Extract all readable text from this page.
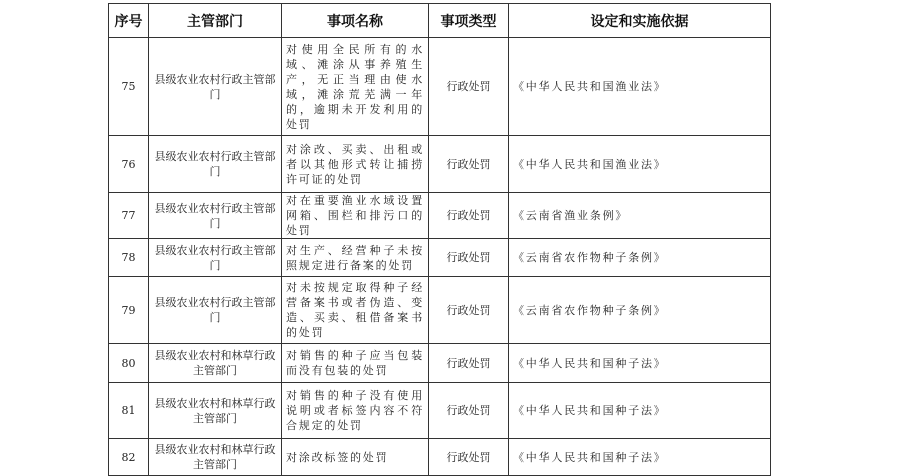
序号	主管部门	事项名称	事项类型	设定和实施依据
75	县级农业农村行政主管部门	对使用全民所有的水域、滩涂从事养殖生产，无正当理由使水域，滩涂荒芜满一年的，逾期未开发利用的处罚	行政处罚	《中华人民共和国渔业法》
76	县级农业农村行政主管部门	对涂改、买卖、出租或者以其他形式转让捕捞许可证的处罚	行政处罚	《中华人民共和国渔业法》
77	县级农业农村行政主管部门	对在重要渔业水域设置网箱、围栏和排污口的处罚	行政处罚	《云南省渔业条例》
78	县级农业农村行政主管部门	对生产、经营种子未按照规定进行备案的处罚	行政处罚	《云南省农作物种子条例》
79	县级农业农村行政主管部门	对未按规定取得种子经营备案书或者伪造、变造、买卖、租借备案书的处罚	行政处罚	《云南省农作物种子条例》
80	县级农业农村和林草行政主管部门	对销售的种子应当包装而没有包装的处罚	行政处罚	《中华人民共和国种子法》
81	县级农业农村和林草行政主管部门	对销售的种子没有使用说明或者标签内容不符合规定的处罚	行政处罚	《中华人民共和国种子法》
82	县级农业农村和林草行政主管部门	对涂改标签的处罚	行政处罚	《中华人民共和国种子法》
